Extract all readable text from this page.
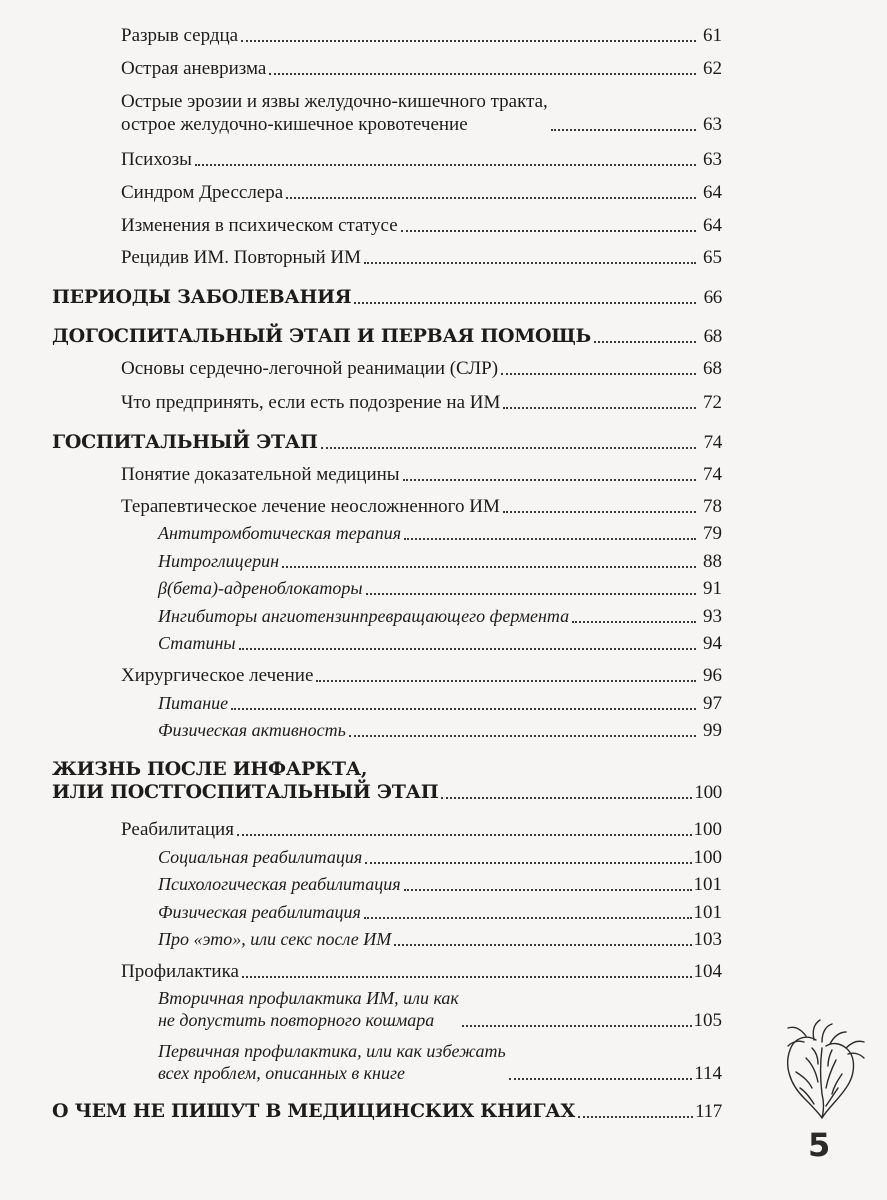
Разрыв сердца	61
Острая аневризма	62
Острые эрозии и язвы желудочно-кишечного тракта,
острое желудочно-кишечное кровотечение	63
Психозы	63
Синдром Дресслера	64
Изменения в психическом статусе	64
Рецидив ИМ. Повторный ИМ	65
ПЕРИОДЫ ЗАБОЛЕВАНИЯ	66
ДОГОСПИТАЛЬНЫЙ ЭТАП И ПЕРВАЯ ПОМОЩЬ	68
Основы сердечно-легочной реанимации (СЛР)	68
Что предпринять, если есть подозрение на ИМ	72
ГОСПИТАЛЬНЫЙ ЭТАП	74
Понятие доказательной медицины	74
Терапевтическое лечение неосложненного ИМ	78
Антитромботическая терапия	79
Нитроглицерин	88
β(бета)-адреноблокаторы	91
Ингибиторы ангиотензинпревращающего фермента	93
Статины	94
Хирургическое лечение	96
Питание	97
Физическая активность	99
ЖИЗНЬ ПОСЛЕ ИНФАРКТА,
ИЛИ ПОСТГОСПИТАЛЬНЫЙ ЭТАП	100
Реабилитация	100
Социальная реабилитация	100
Психологическая реабилитация	101
Физическая реабилитация	101
Про «это», или секс после ИМ	103
Профилактика	104
Вторичная профилактика ИМ, или как
не допустить повторного кошмара	105
Первичная профилактика, или как избежать
всех проблем, описанных в книге	114
О ЧЕМ НЕ ПИШУТ В МЕДИЦИНСКИХ КНИГАХ	117
5
